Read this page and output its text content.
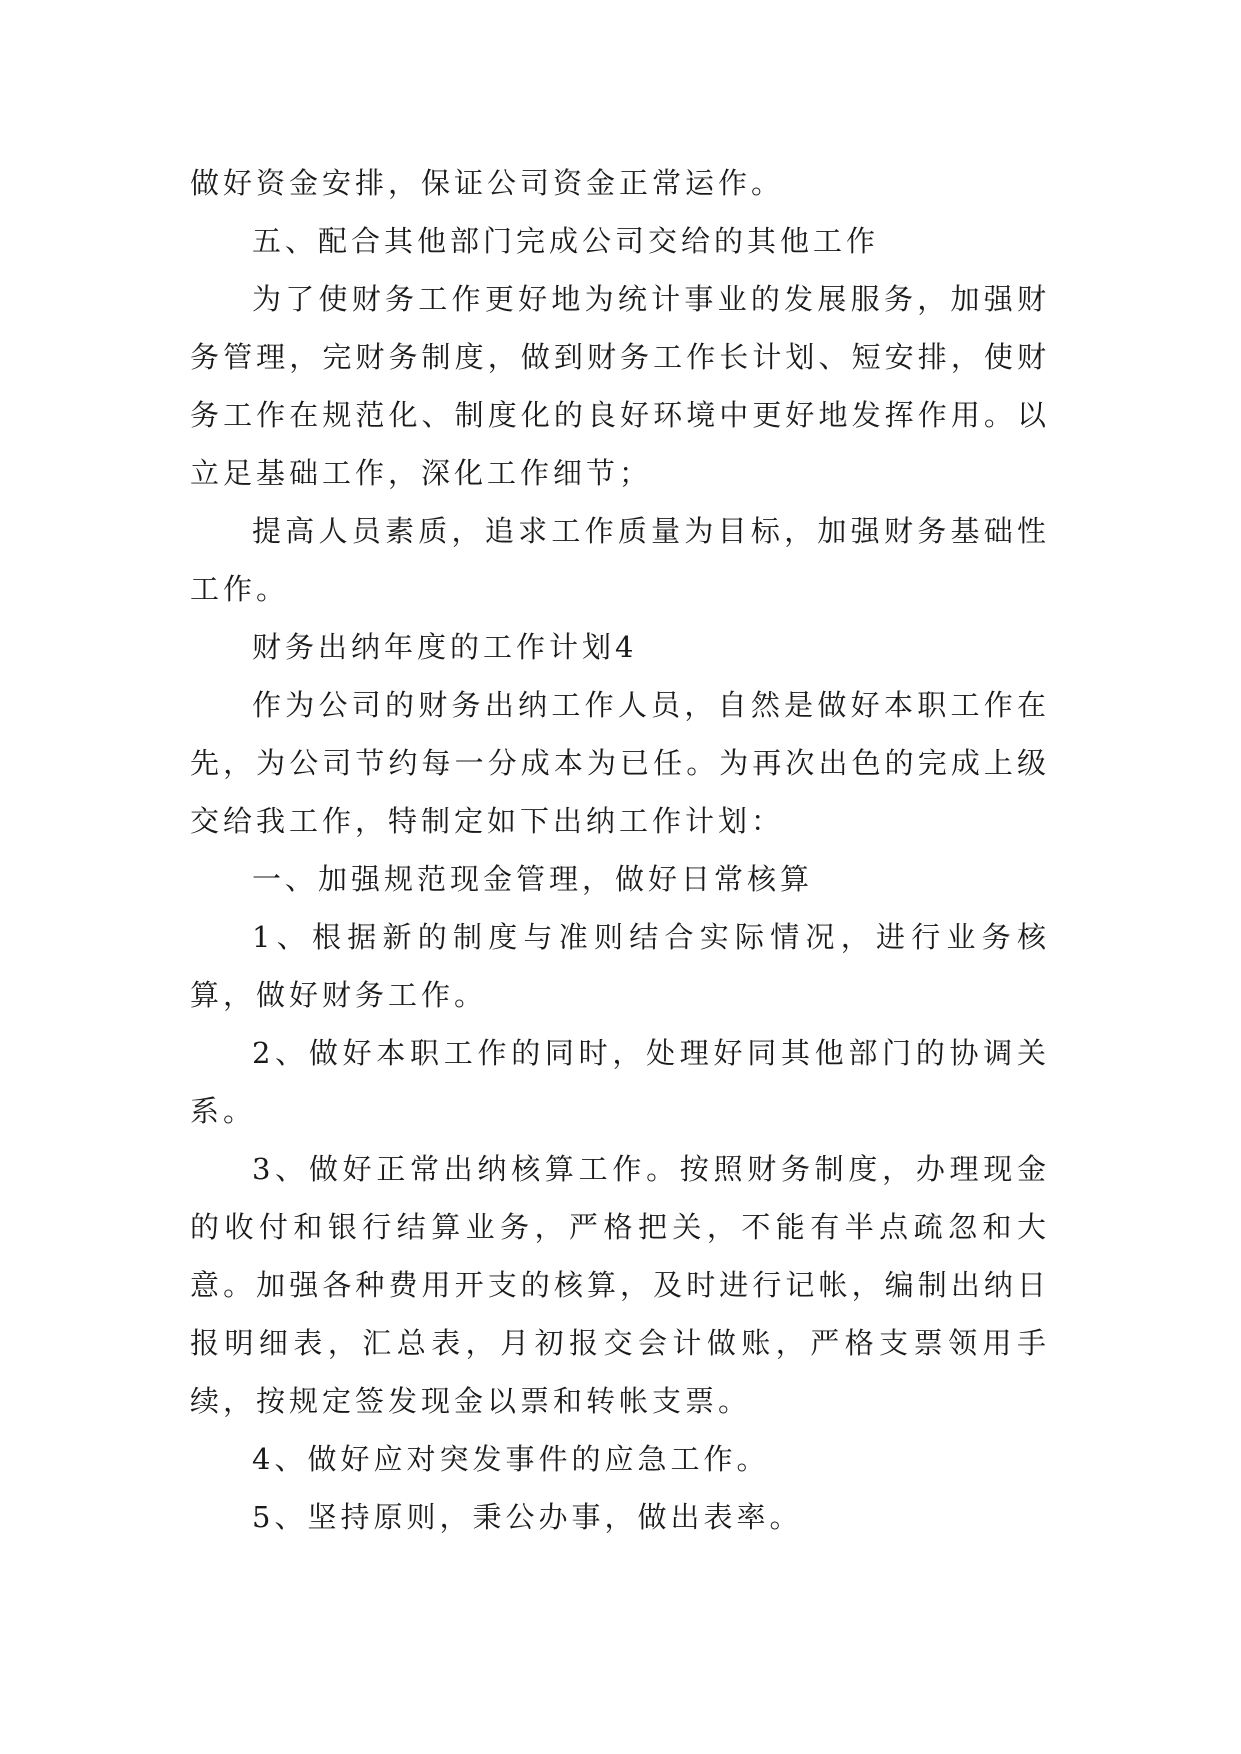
做好资金安排，保证公司资金正常运作。

五、配合其他部门完成公司交给的其他工作

为了使财务工作更好地为统计事业的发展服务，加强财务管理，完财务制度，做到财务工作长计划、短安排，使财务工作在规范化、制度化的良好环境中更好地发挥作用。以立足基础工作，深化工作细节；

提高人员素质，追求工作质量为目标，加强财务基础性工作。

财务出纳年度的工作计划4

作为公司的财务出纳工作人员，自然是做好本职工作在先，为公司节约每一分成本为已任。为再次出色的完成上级交给我工作，特制定如下出纳工作计划：

一、加强规范现金管理，做好日常核算

1、根据新的制度与准则结合实际情况，进行业务核算，做好财务工作。

2、做好本职工作的同时，处理好同其他部门的协调关系。

3、做好正常出纳核算工作。按照财务制度，办理现金的收付和银行结算业务，严格把关，不能有半点疏忽和大意。加强各种费用开支的核算，及时进行记帐，编制出纳日报明细表，汇总表，月初报交会计做账，严格支票领用手续，按规定签发现金以票和转帐支票。

4、做好应对突发事件的应急工作。

5、坚持原则，秉公办事，做出表率。
